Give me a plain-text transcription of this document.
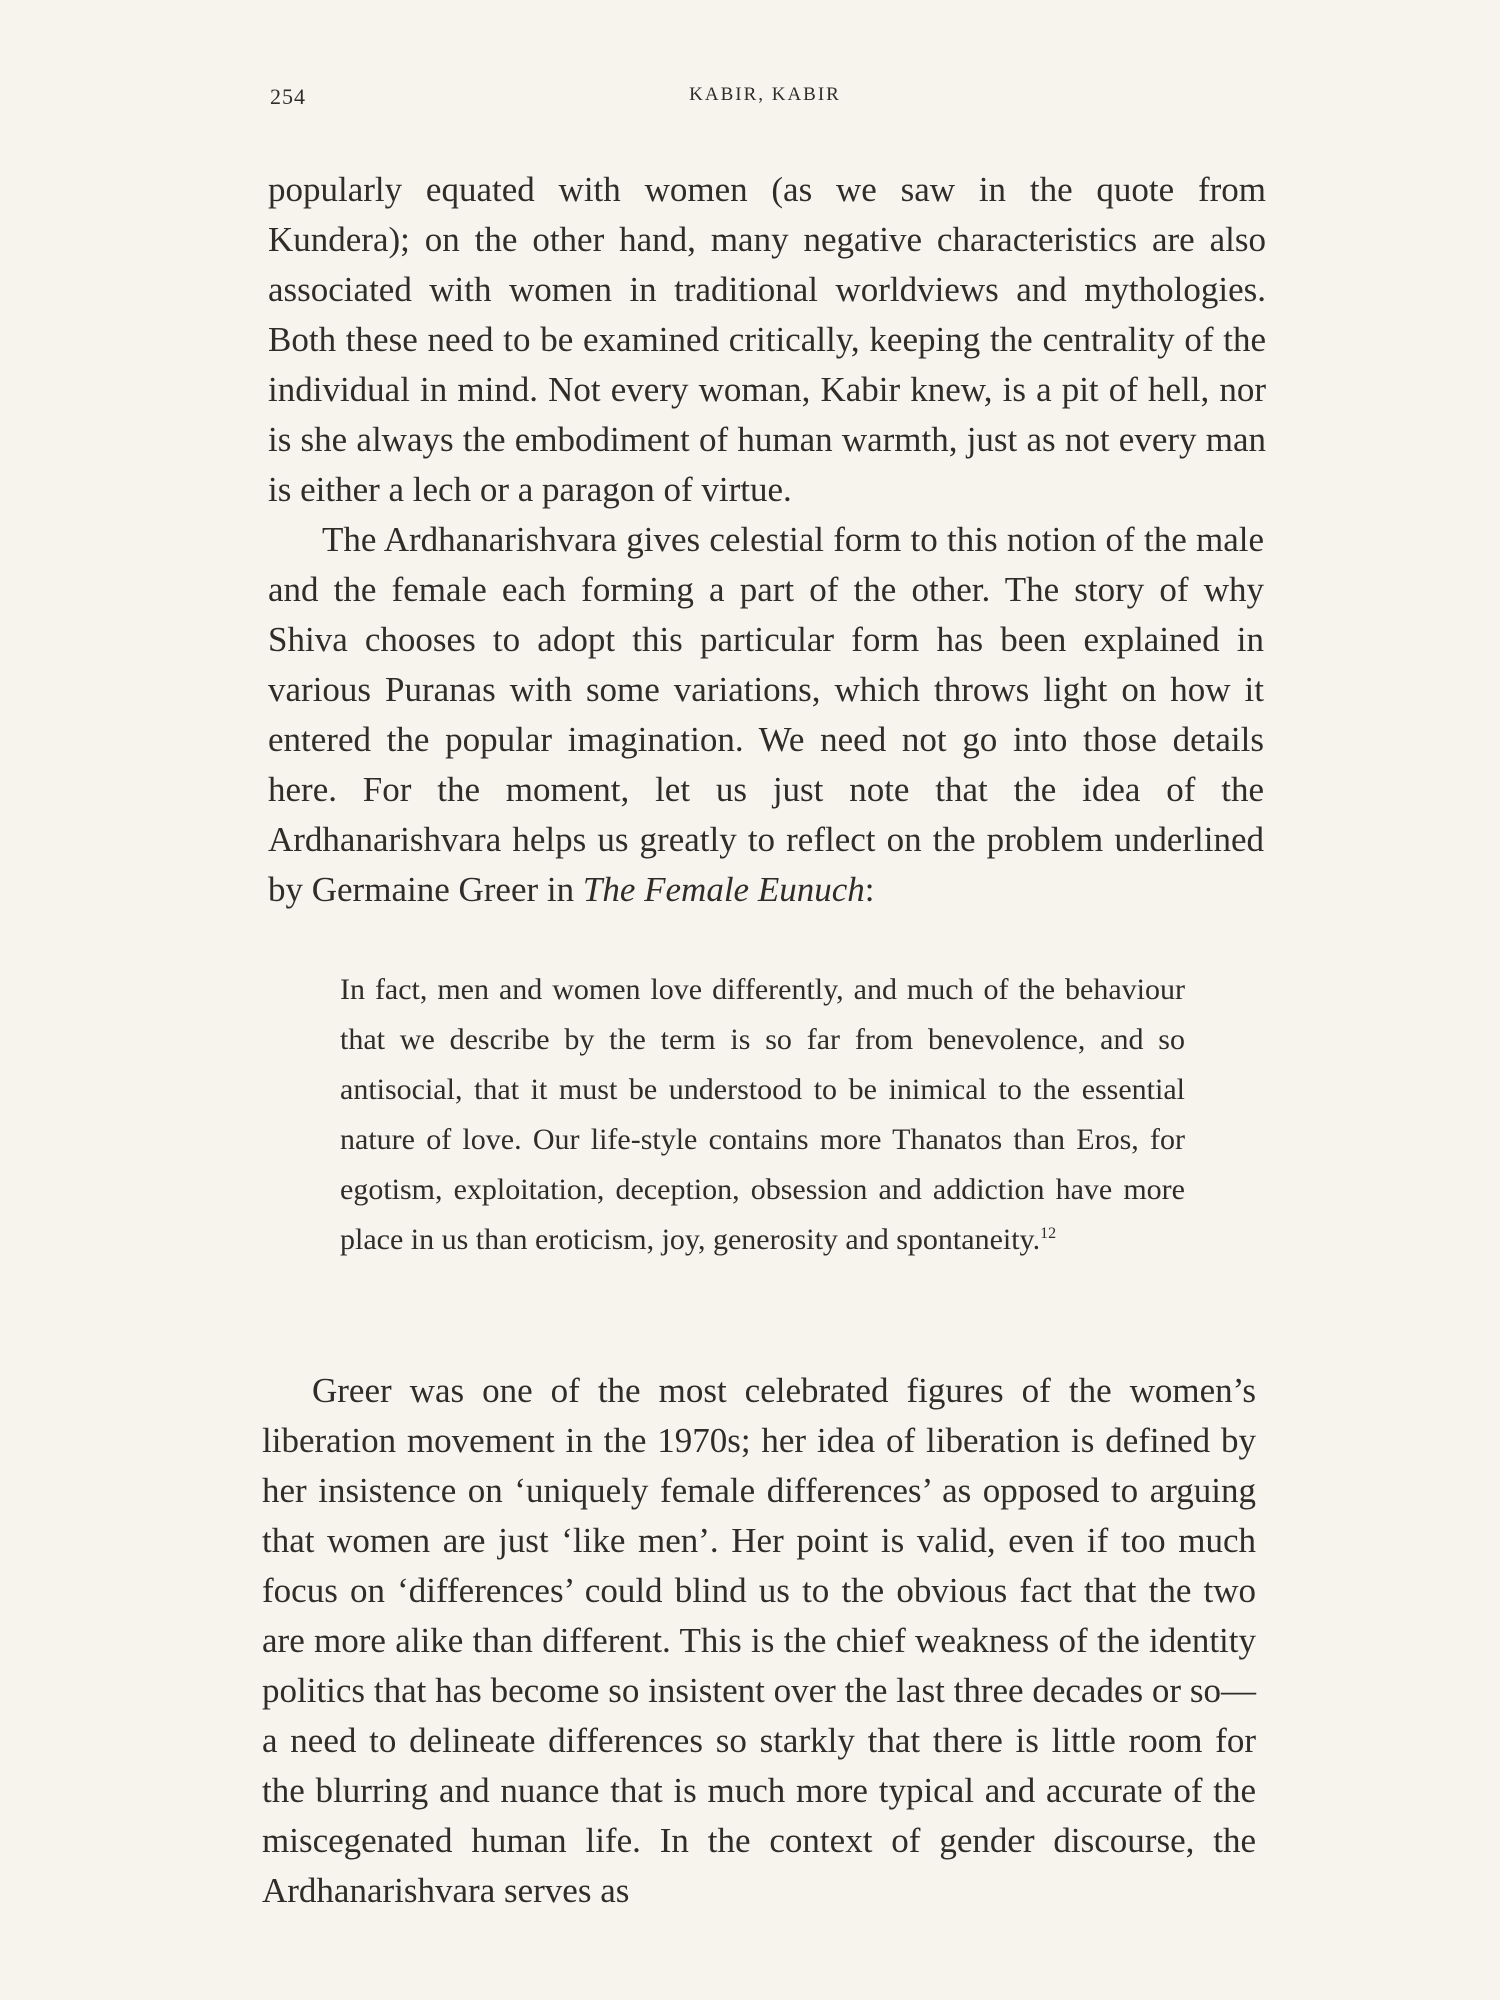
254	KABIR, KABIR

popularly equated with women (as we saw in the quote from Kundera); on the other hand, many negative characteristics are also associated with women in traditional worldviews and mythologies. Both these need to be examined critically, keeping the centrality of the individual in mind. Not every woman, Kabir knew, is a pit of hell, nor is she always the embodiment of human warmth, just as not every man is either a lech or a paragon of virtue.

The Ardhanarishvara gives celestial form to this notion of the male and the female each forming a part of the other. The story of why Shiva chooses to adopt this particular form has been explained in various Puranas with some variations, which throws light on how it entered the popular imagination. We need not go into those details here. For the moment, let us just note that the idea of the Ardhanarishvara helps us greatly to reflect on the problem underlined by Germaine Greer in The Female Eunuch:

In fact, men and women love differently, and much of the behaviour that we describe by the term is so far from benevolence, and so antisocial, that it must be understood to be inimical to the essential nature of love. Our life-style contains more Thanatos than Eros, for egotism, exploitation, deception, obsession and addiction have more place in us than eroticism, joy, generosity and spontaneity.$^{12}$

Greer was one of the most celebrated figures of the women’s liberation movement in the 1970s; her idea of liberation is defined by her insistence on ‘uniquely female differences’ as opposed to arguing that women are just ‘like men’. Her point is valid, even if too much focus on ‘differences’ could blind us to the obvious fact that the two are more alike than different. This is the chief weakness of the identity politics that has become so insistent over the last three decades or so—a need to delineate differences so starkly that there is little room for the blurring and nuance that is much more typical and accurate of the miscegenated human life. In the context of gender discourse, the Ardhanarishvara serves as
